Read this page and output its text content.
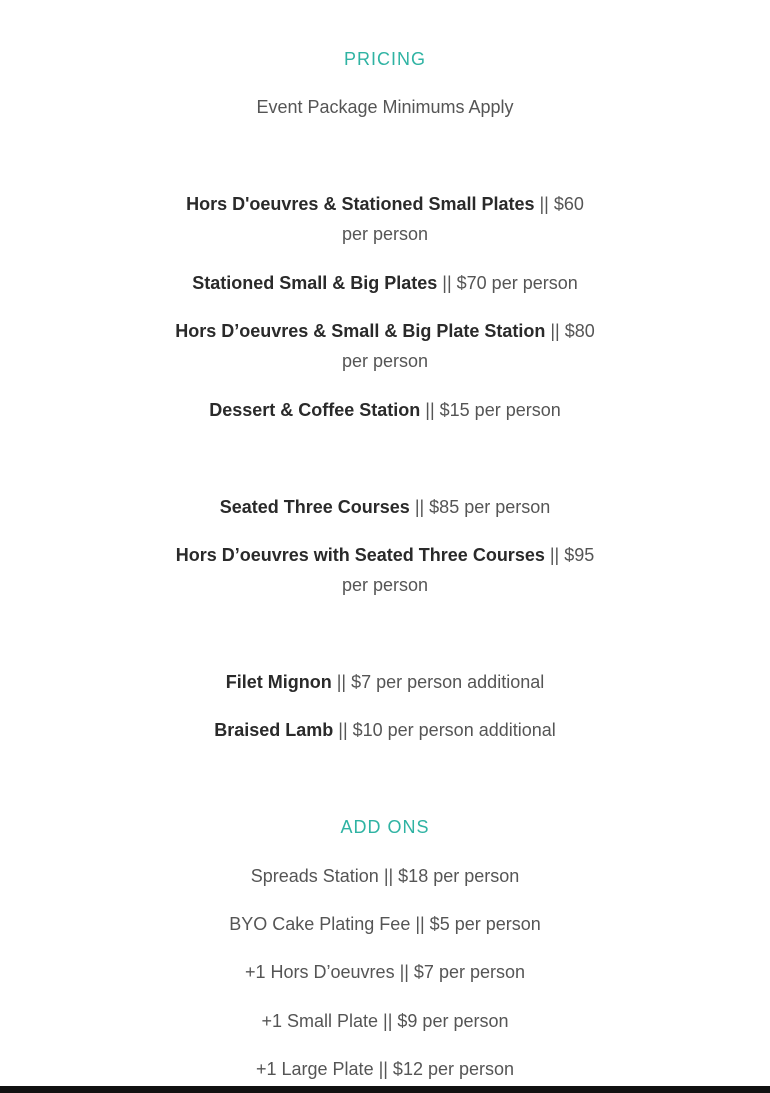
PRICING

Event Package Minimums Apply

Hors D'oeuvres & Stationed Small Plates || $60

per person

Stationed Small & Big Plates || $70 per person

Hors D’oeuvres & Small & Big Plate Station || $80

per person

Dessert & Coffee Station || $15 per person

Seated Three Courses || $85 per person

Hors D’oeuvres with Seated Three Courses || $95

per person

Filet Mignon || $7 per person additional

Braised Lamb || $10 per person additional

ADD ONS

Spreads Station || $18 per person

BYO Cake Plating Fee || $5 per person

+1 Hors D’oeuvres || $7 per person

+1 Small Plate || $9 per person

+1 Large Plate || $12 per person
